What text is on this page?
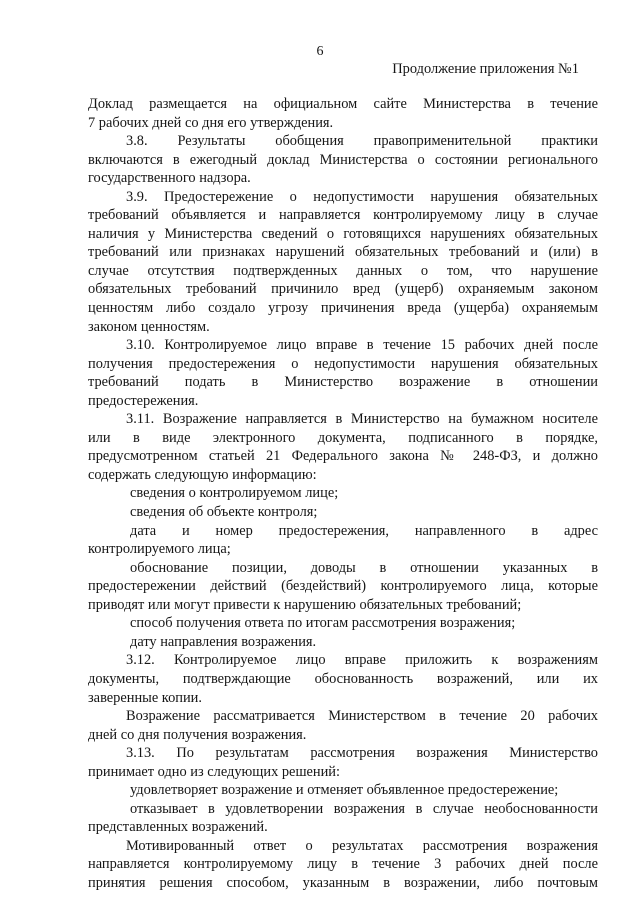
6
Продолжение приложения №1

Доклад размещается на официальном сайте Министерства в течение

7 рабочих дней со дня его утверждения.

3.8. Результаты обобщения правоприменительной практики

включаются в ежегодный доклад Министерства о состоянии регионального

государственного надзора.

3.9. Предостережение о недопустимости нарушения обязательных

требований объявляется и направляется контролируемому лицу в случае

наличия у Министерства сведений о готовящихся нарушениях обязательных

требований или признаках нарушений обязательных требований и (или) в

случае отсутствия подтвержденных данных о том, что нарушение

обязательных требований причинило вред (ущерб) охраняемым законом

ценностям либо создало угрозу причинения вреда (ущерба) охраняемым

законом ценностям.

3.10. Контролируемое лицо вправе в течение 15 рабочих дней после

получения предостережения о недопустимости нарушения обязательных

требований подать в Министерство возражение в отношении

предостережения.

3.11. Возражение направляется в Министерство на бумажном носителе

или в виде электронного документа, подписанного в порядке,

предусмотренном статьей 21 Федерального закона № 248-ФЗ, и должно

содержать следующую информацию:

сведения о контролируемом лице;

сведения об объекте контроля;

дата и номер предостережения, направленного в адрес

контролируемого лица;

обоснование позиции, доводы в отношении указанных в

предостережении действий (бездействий) контролируемого лица, которые

приводят или могут привести к нарушению обязательных требований;

способ получения ответа по итогам рассмотрения возражения;

дату направления возражения.

3.12. Контролируемое лицо вправе приложить к возражениям

документы, подтверждающие обоснованность возражений, или их

заверенные копии.

Возражение рассматривается Министерством в течение 20 рабочих

дней со дня получения возражения.

3.13. По результатам рассмотрения возражения Министерство

принимает одно из следующих решений:

удовлетворяет возражение и отменяет объявленное предостережение;

отказывает в удовлетворении возражения в случае необоснованности

представленных возражений.

Мотивированный ответ о результатах рассмотрения возражения

направляется контролируемому лицу в течение 3 рабочих дней после

принятия решения способом, указанным в возражении, либо почтовым
